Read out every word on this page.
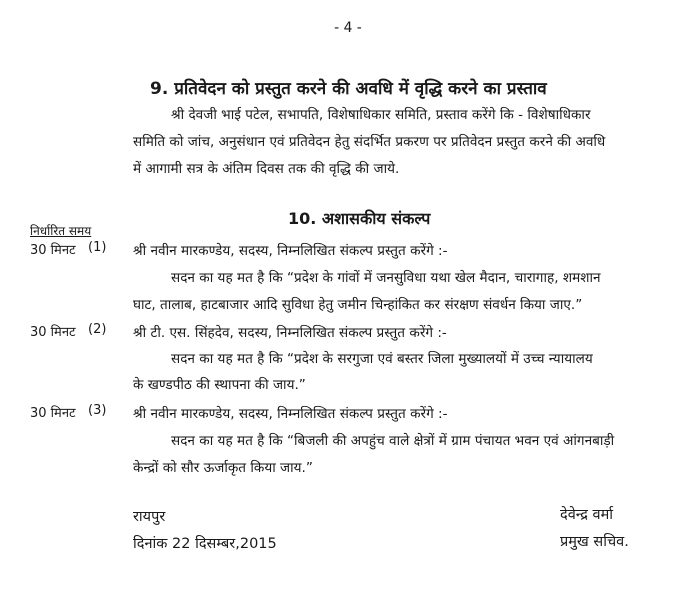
- 4 -
9. प्रतिवेदन को प्रस्तुत करने की अवधि में वृद्धि करने का प्रस्ताव
श्री देवजी भाई पटेल, सभापति, विशेषाधिकार समिति, प्रस्ताव करेंगे कि - विशेषाधिकार
समिति को जांच, अनुसंधान एवं प्रतिवेदन हेतु संदर्भित प्रकरण पर प्रतिवेदन प्रस्तुत करने की अवधि
में आगामी सत्र के अंतिम दिवस तक की वृद्धि की जाये.
10. अशासकीय संकल्प
निर्धारित समय
30 मिनट (1) श्री नवीन मारकण्डेय, सदस्य, निम्नलिखित संकल्प प्रस्तुत करेंगे :-
सदन का यह मत है कि “प्रदेश के गांवों में जनसुविधा यथा खेल मैदान, चारागाह, शमशान
घाट, तालाब, हाटबाजार आदि सुविधा हेतु जमीन चिन्हांकित कर संरक्षण संवर्धन किया जाए.”
30 मिनट (2) श्री टी. एस. सिंहदेव, सदस्य, निम्नलिखित संकल्प प्रस्तुत करेंगे :-
सदन का यह मत है कि “प्रदेश के सरगुजा एवं बस्तर जिला मुख्यालयों में उच्च न्यायालय
के खण्डपीठ की स्थापना की जाय.”
30 मिनट (3) श्री नवीन मारकण्डेय, सदस्य, निम्नलिखित संकल्प प्रस्तुत करेंगे :-
सदन का यह मत है कि “बिजली की अपहुंच वाले क्षेत्रों में ग्राम पंचायत भवन एवं आंगनबाड़ी
केन्द्रों को सौर ऊर्जाकृत किया जाय.”
रायपुर
दिनांक 22 दिसम्बर,2015
देवेन्द्र वर्मा
प्रमुख सचिव.
